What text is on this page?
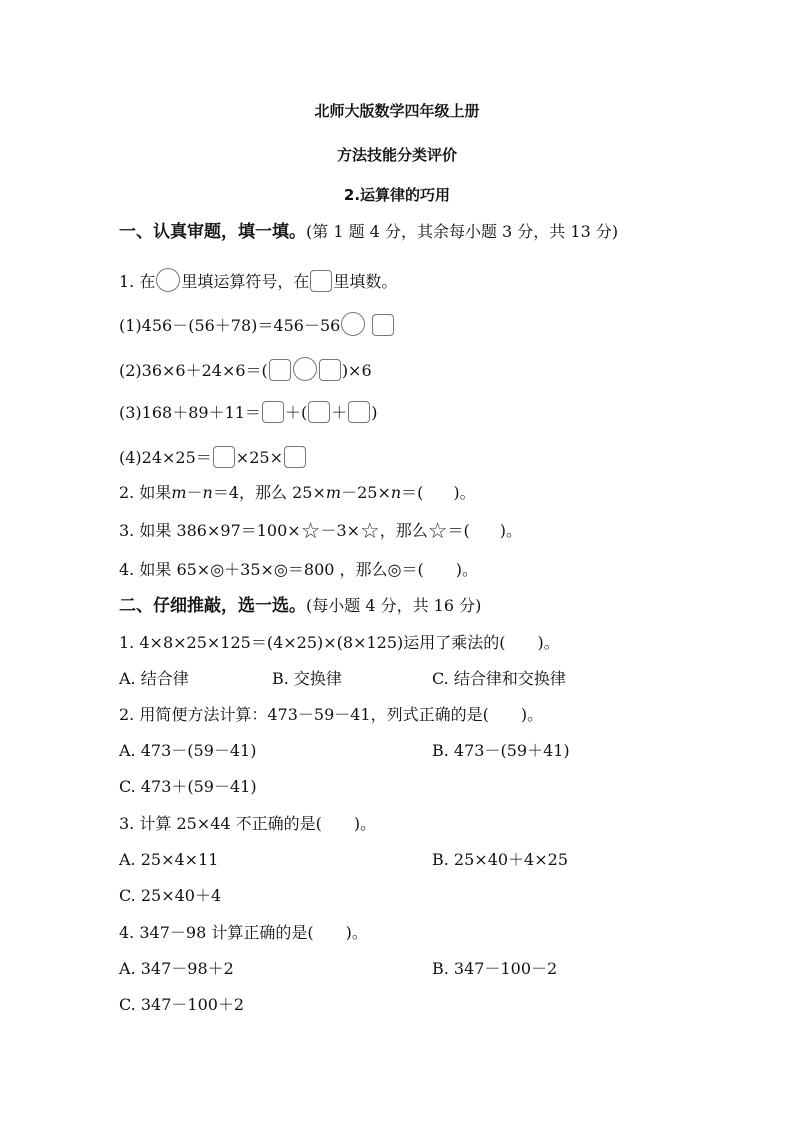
北师大版数学四年级上册
方法技能分类评价
2.运算律的巧用
一、认真审题，填一填。(第 1 题 4 分，其余每小题 3 分，共 13 分)
1. 在 里填运算符号，在 里填数。
(1)456－(56＋78)＝456－56
(2)36×6＋24×6＝(	)×6
(3)168＋89＋11＝ ＋( ＋ )
(4)24×25＝ ×25×
2. 如果m－n＝4，那么 25×m－25×n＝( )。
3. 如果 386×97＝100×☆－3×☆，那么☆＝( )。
4. 如果 65×◎＋35×◎＝800 ，那么◎＝(　　)。
二、仔细推敲，选一选。(每小题 4 分，共 16 分)
1. 4×8×25×125＝(4×25)×(8×125)运用了乘法的(　　)。
A. 结合律	B. 交换律	C. 结合律和交换律
2. 用简便方法计算：473－59－41，列式正确的是(　　)。
A. 473－(59－41)	B. 473－(59＋41)
C. 473＋(59－41)
3. 计算 25×44 不正确的是(　　)。
A. 25×4×11	B. 25×40＋4×25
C. 25×40＋4
4. 347－98 计算正确的是(　　)。
A. 347－98＋2	B. 347－100－2
C. 347－100＋2
